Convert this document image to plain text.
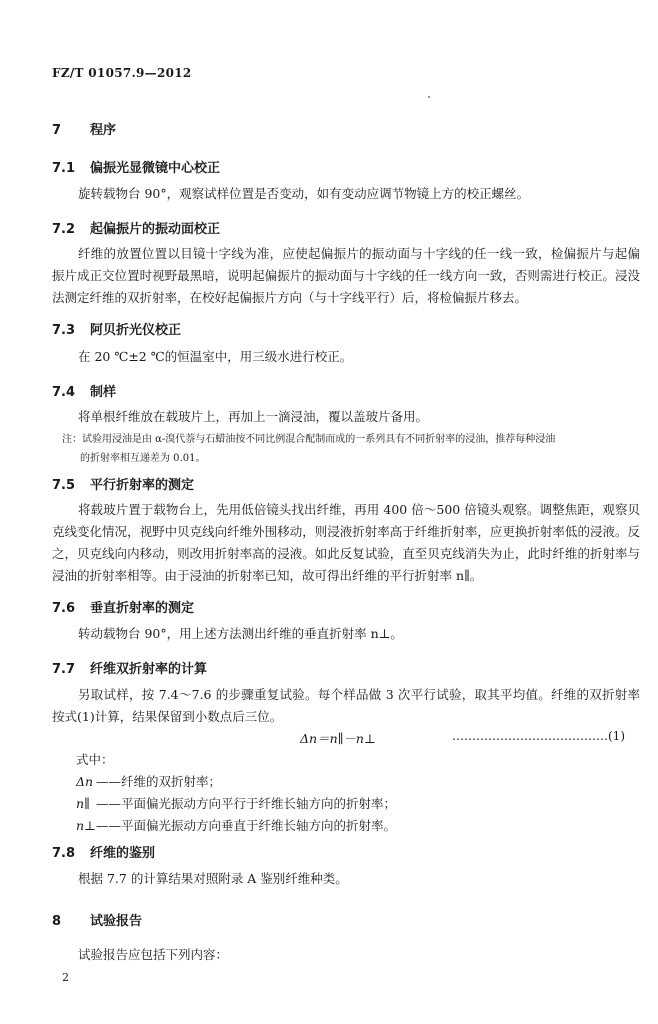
FZ/T 01057.9—2012
7 程序
7.1 偏振光显微镜中心校正
旋转载物台 90°，观察试样位置是否变动，如有变动应调节物镜上方的校正螺丝。
7.2 起偏振片的振动面校正
纤维的放置位置以目镜十字线为准，应使起偏振片的振动面与十字线的任一线一致，检偏振片与起偏振片成正交位置时视野最黑暗，说明起偏振片的振动面与十字线的任一线方向一致，否则需进行校正。浸没法测定纤维的双折射率，在校好起偏振片方向（与十字线平行）后，将检偏振片移去。
7.3 阿贝折光仪校正
在 20 ℃±2 ℃的恒温室中，用三级水进行校正。
7.4 制样
将单根纤维放在载玻片上，再加上一滴浸油，覆以盖玻片备用。
注：试验用浸油是由 α-溴代萘与石蜡油按不同比例混合配制而成的一系列具有不同折射率的浸油，推荐每种浸油
的折射率相互递差为 0.01。
7.5 平行折射率的测定
将载玻片置于载物台上，先用低倍镜头找出纤维，再用 400 倍～500 倍镜头观察。调整焦距，观察贝克线变化情况，视野中贝克线向纤维外围移动，则浸液折射率高于纤维折射率，应更换折射率低的浸液。反之，贝克线向内移动，则改用折射率高的浸液。如此反复试验，直至贝克线消失为止，此时纤维的折射率与浸油的折射率相等。由于浸油的折射率已知，故可得出纤维的平行折射率 n∥。
7.6 垂直折射率的测定
转动载物台 90°，用上述方法测出纤维的垂直折射率 n⊥。
7.7 纤维双折射率的计算
另取试样，按 7.4～7.6 的步骤重复试验。每个样品做 3 次平行试验，取其平均值。纤维的双折射率按式(1)计算，结果保留到小数点后三位。
Δn＝n∥－n⊥	…………………………………(1)
式中：
Δn ——纤维的双折射率；
n∥ ——平面偏光振动方向平行于纤维长轴方向的折射率；
n⊥——平面偏光振动方向垂直于纤维长轴方向的折射率。
7.8 纤维的鉴别
根据 7.7 的计算结果对照附录 A 鉴别纤维种类。
8 试验报告
试验报告应包括下列内容：
2
